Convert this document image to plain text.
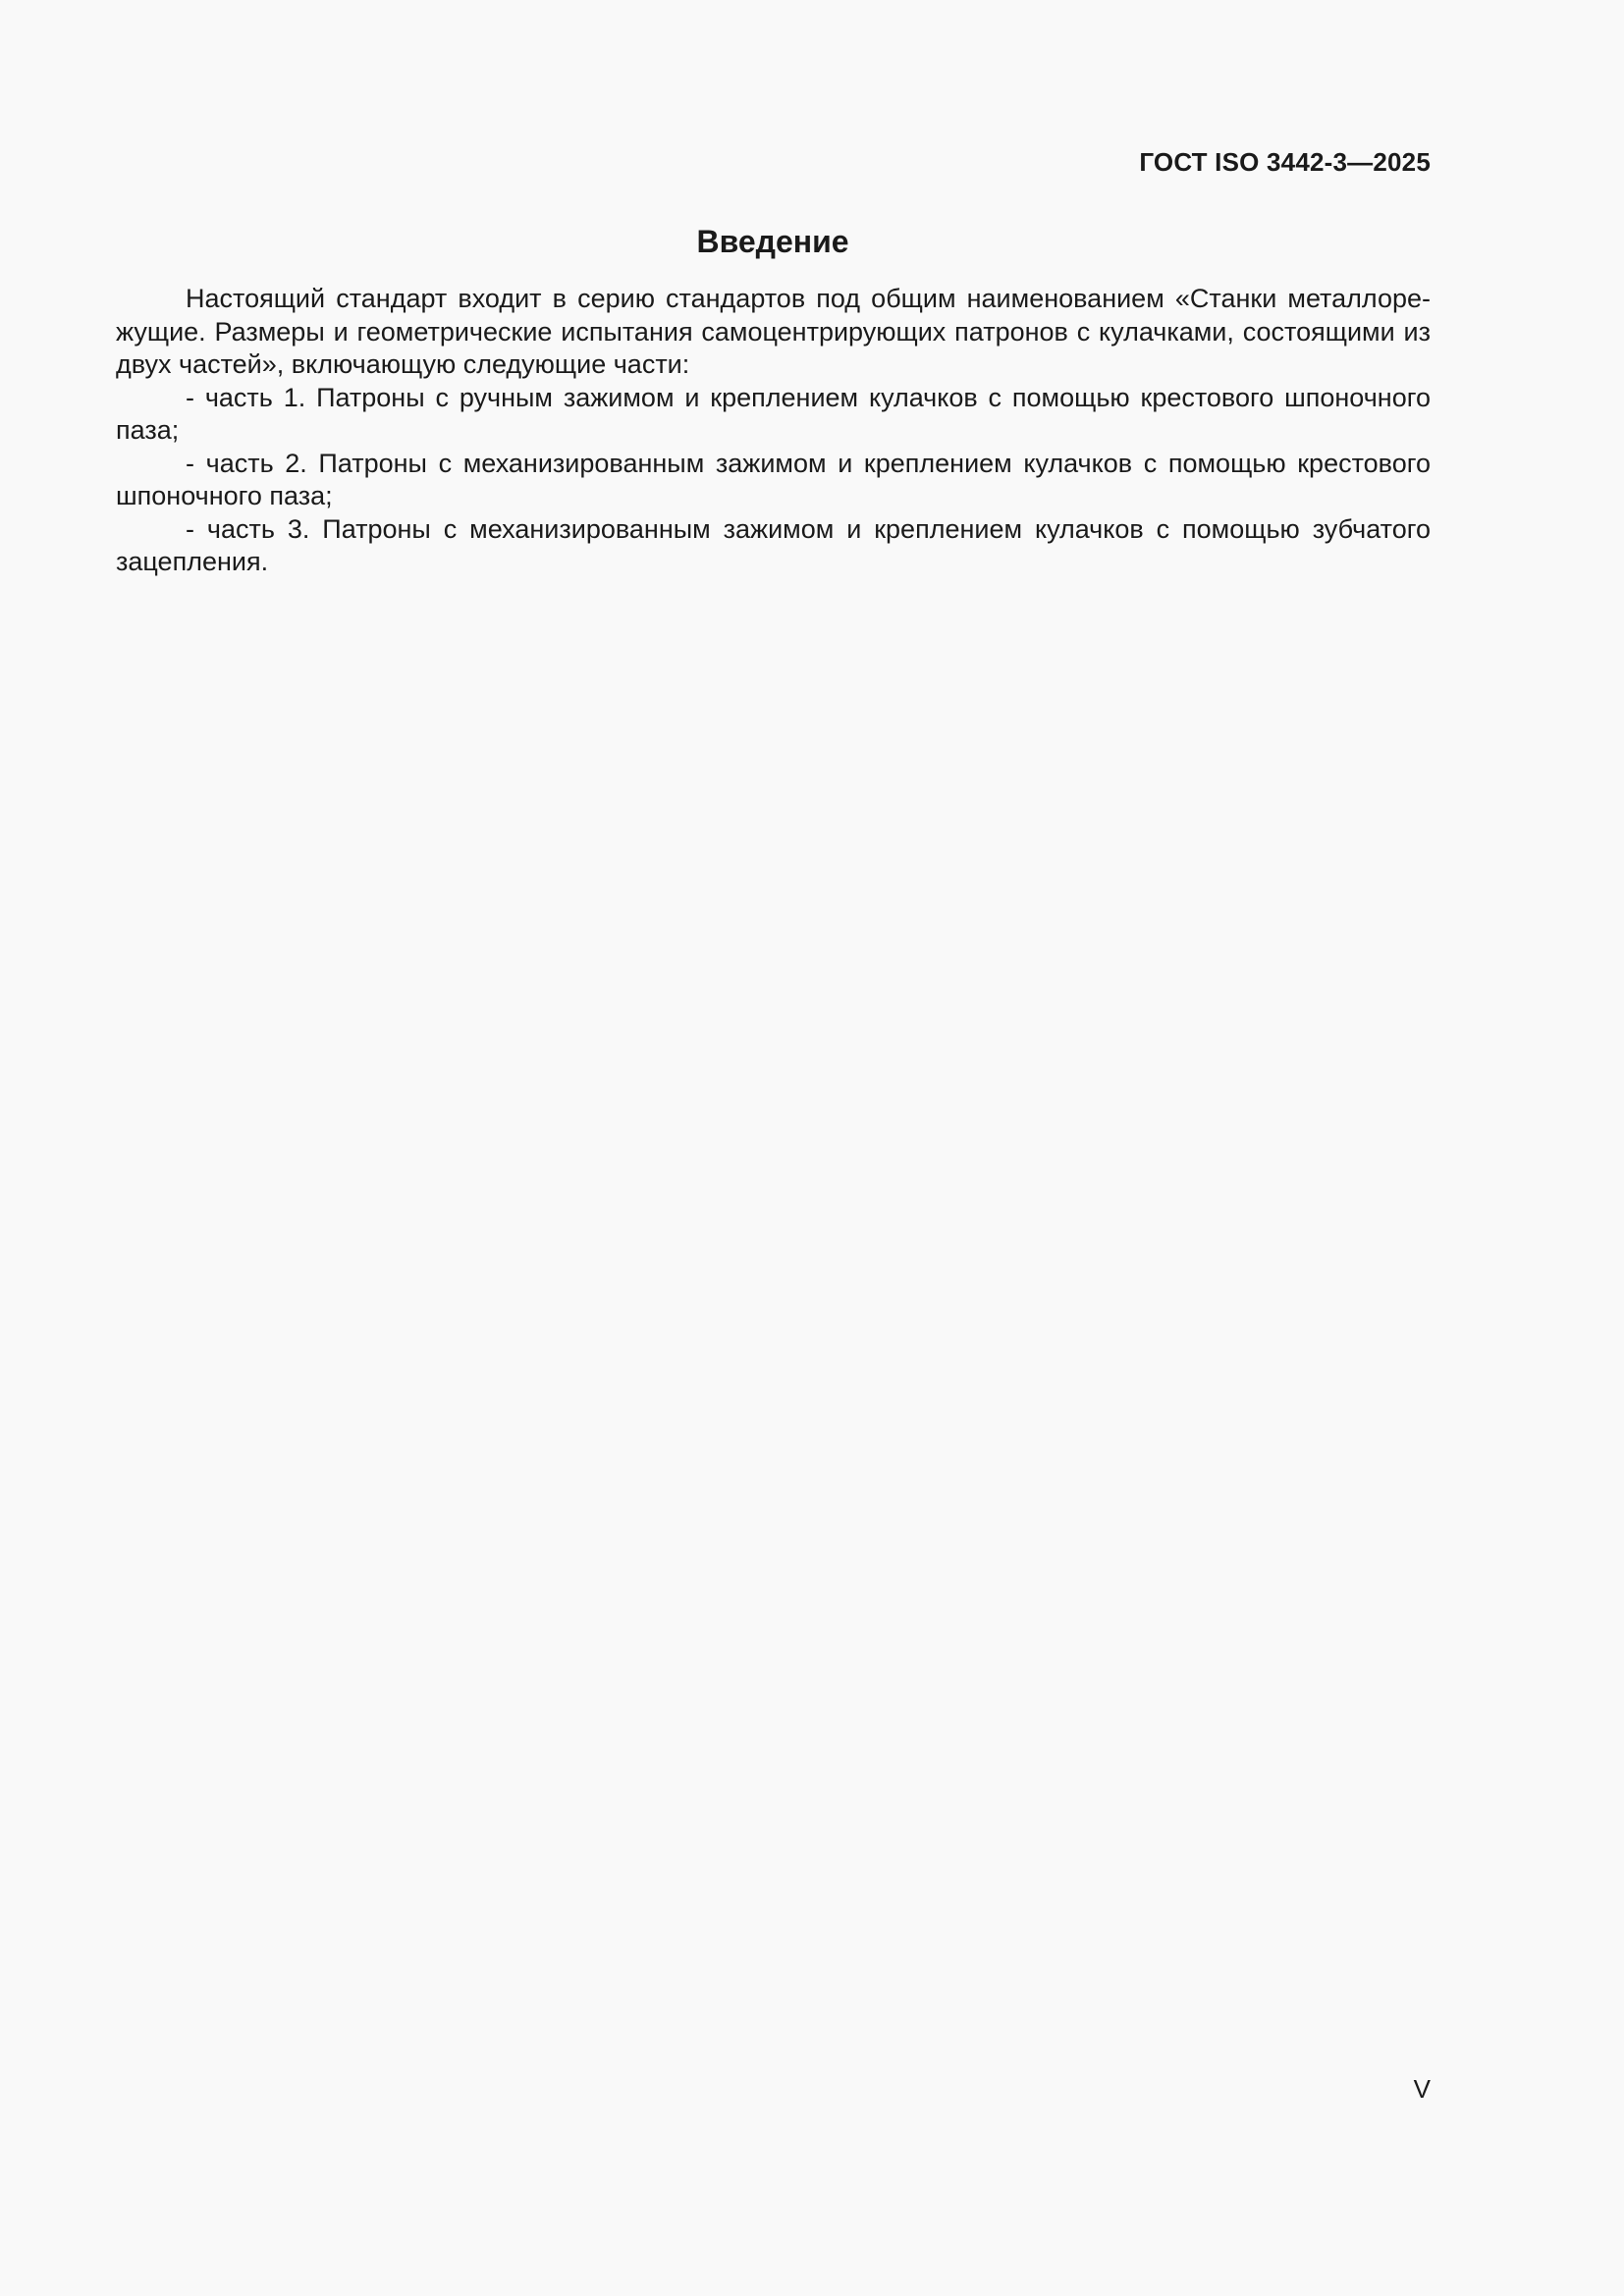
ГОСТ ISO 3442-3—2025
Введение

Настоящий стандарт входит в серию стандартов под общим наименованием «Станки металлоре-жущие. Размеры и геометрические испытания самоцентрирующих патронов с кулачками, состоящими из двух частей», включающую следующие части:

- часть 1. Патроны с ручным зажимом и креплением кулачков с помощью крестового шпоночного паза;

- часть 2. Патроны с механизированным зажимом и креплением кулачков с помощью крестового шпоночного паза;

- часть 3. Патроны с механизированным зажимом и креплением кулачков с помощью зубчатого зацепления.

V
